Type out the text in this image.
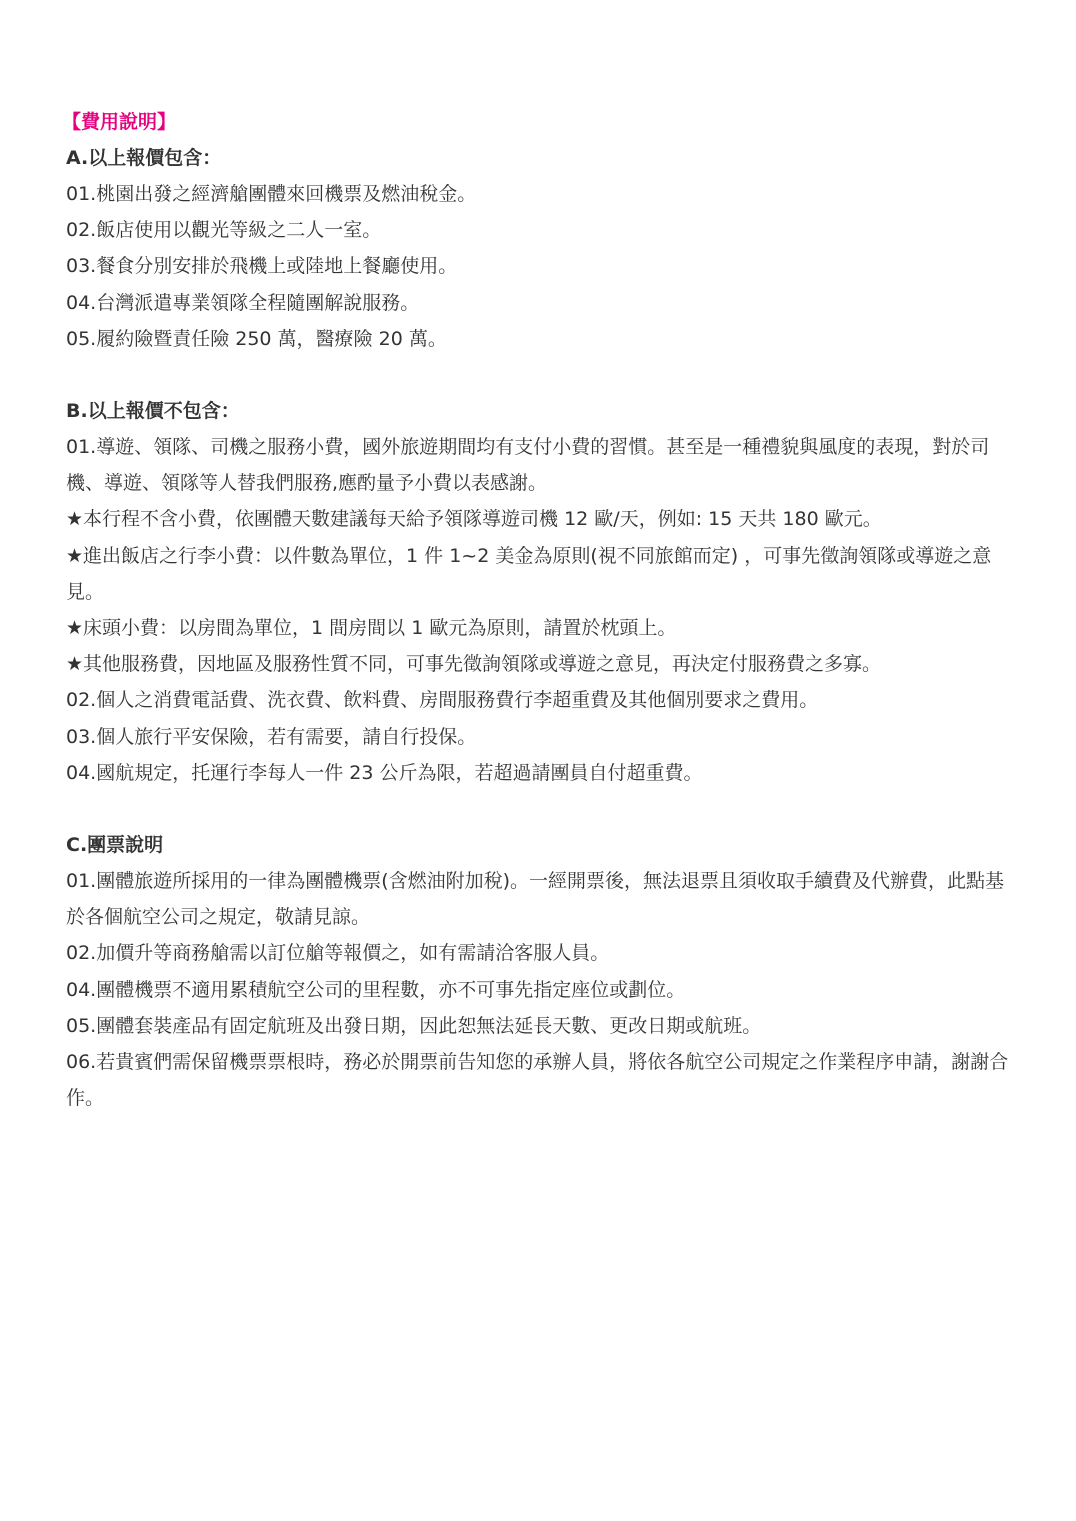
【費用說明】
A.以上報價包含：
01.桃園出發之經濟艙團體來回機票及燃油稅金。
02.飯店使用以觀光等級之二人一室。
03.餐食分別安排於飛機上或陸地上餐廳使用。
04.台灣派遣專業領隊全程隨團解說服務。
05.履約險暨責任險 250 萬，醫療險 20 萬。
B.以上報價不包含：
01.導遊、領隊、司機之服務小費，國外旅遊期間均有支付小費的習慣。甚至是一種禮貌與風度的表現，對於司機、導遊、領隊等人替我們服務,應酌量予小費以表感謝。
★本行程不含小費，依團體天數建議每天給予領隊導遊司機 12 歐/天，例如: 15 天共 180 歐元。
★進出飯店之行李小費：以件數為單位，1 件 1~2 美金為原則(視不同旅館而定) ，可事先徵詢領隊或導遊之意見。
★床頭小費：以房間為單位，1 間房間以 1 歐元為原則，請置於枕頭上。
★其他服務費，因地區及服務性質不同，可事先徵詢領隊或導遊之意見，再決定付服務費之多寡。
02.個人之消費電話費、洗衣費、飲料費、房間服務費行李超重費及其他個別要求之費用。
03.個人旅行平安保險，若有需要，請自行投保。
04.國航規定，托運行李每人一件 23 公斤為限，若超過請團員自付超重費。
C.團票說明
01.團體旅遊所採用的一律為團體機票(含燃油附加稅)。一經開票後，無法退票且須收取手續費及代辦費，此點基於各個航空公司之規定，敬請見諒。
02.加價升等商務艙需以訂位艙等報價之，如有需請洽客服人員。
04.團體機票不適用累積航空公司的里程數，亦不可事先指定座位或劃位。
05.團體套裝產品有固定航班及出發日期，因此恕無法延長天數、更改日期或航班。
06.若貴賓們需保留機票票根時，務必於開票前告知您的承辦人員，將依各航空公司規定之作業程序申請，謝謝合作。
